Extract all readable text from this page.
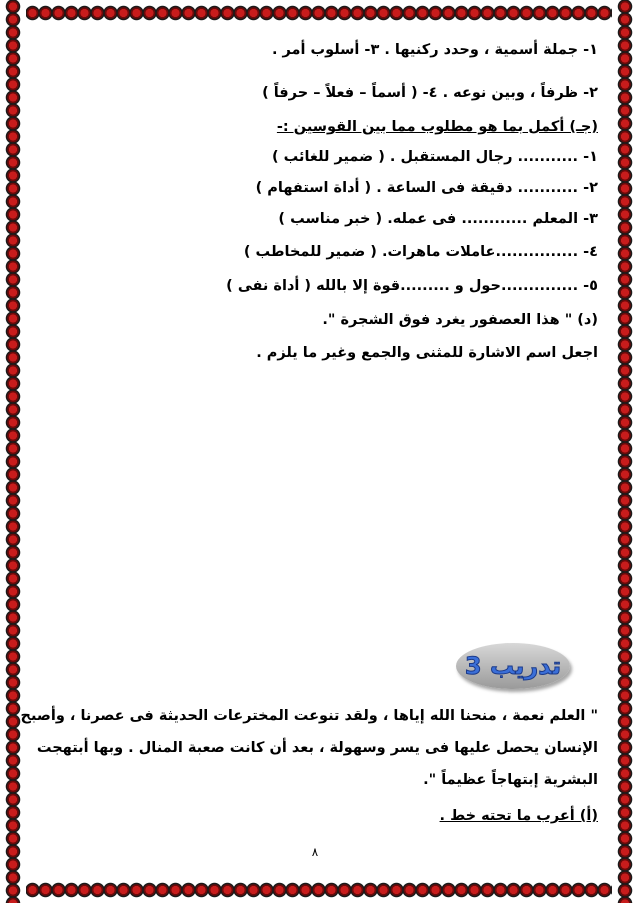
١- جملة أسمية ، وحدد ركنيها . ٣- أسلوب أمر .
٢- ظرفاً ، وبين نوعه . ٤- ( أسماً – فعلاً – حرفاً )
(جـ) أكمل بما هو مطلوب مما بين القوسين :-
١- ........... رجال المستقبل . ( ضمير للغائب )
٢- ........... دقيقة فى الساعة . ( أداة استفهام )
٣- المعلم ............ فى عمله. ( خبر مناسب )
٤- ...............عاملات ماهرات. ( ضمير للمخاطب )
٥- ..............حول و .........قوة إلا بالله ( أداة نفى )
(د) " هذا العصفور يغرد فوق الشجرة ".
اجعل اسم الاشارة للمثنى والجمع وغير ما يلزم .
تدريب 3
" العلم نعمة ، منحنا الله إياها ، ولقد تنوعت المخترعات الحديثة فى عصرنا ، وأصبح
الإنسان يحصل عليها فى يسر وسهولة ، بعد أن كانت صعبة المنال . وبها أبتهجت
البشرية إبتهاجاً عظيماً ".
(أ) أعرب ما تحته خط .
٨
